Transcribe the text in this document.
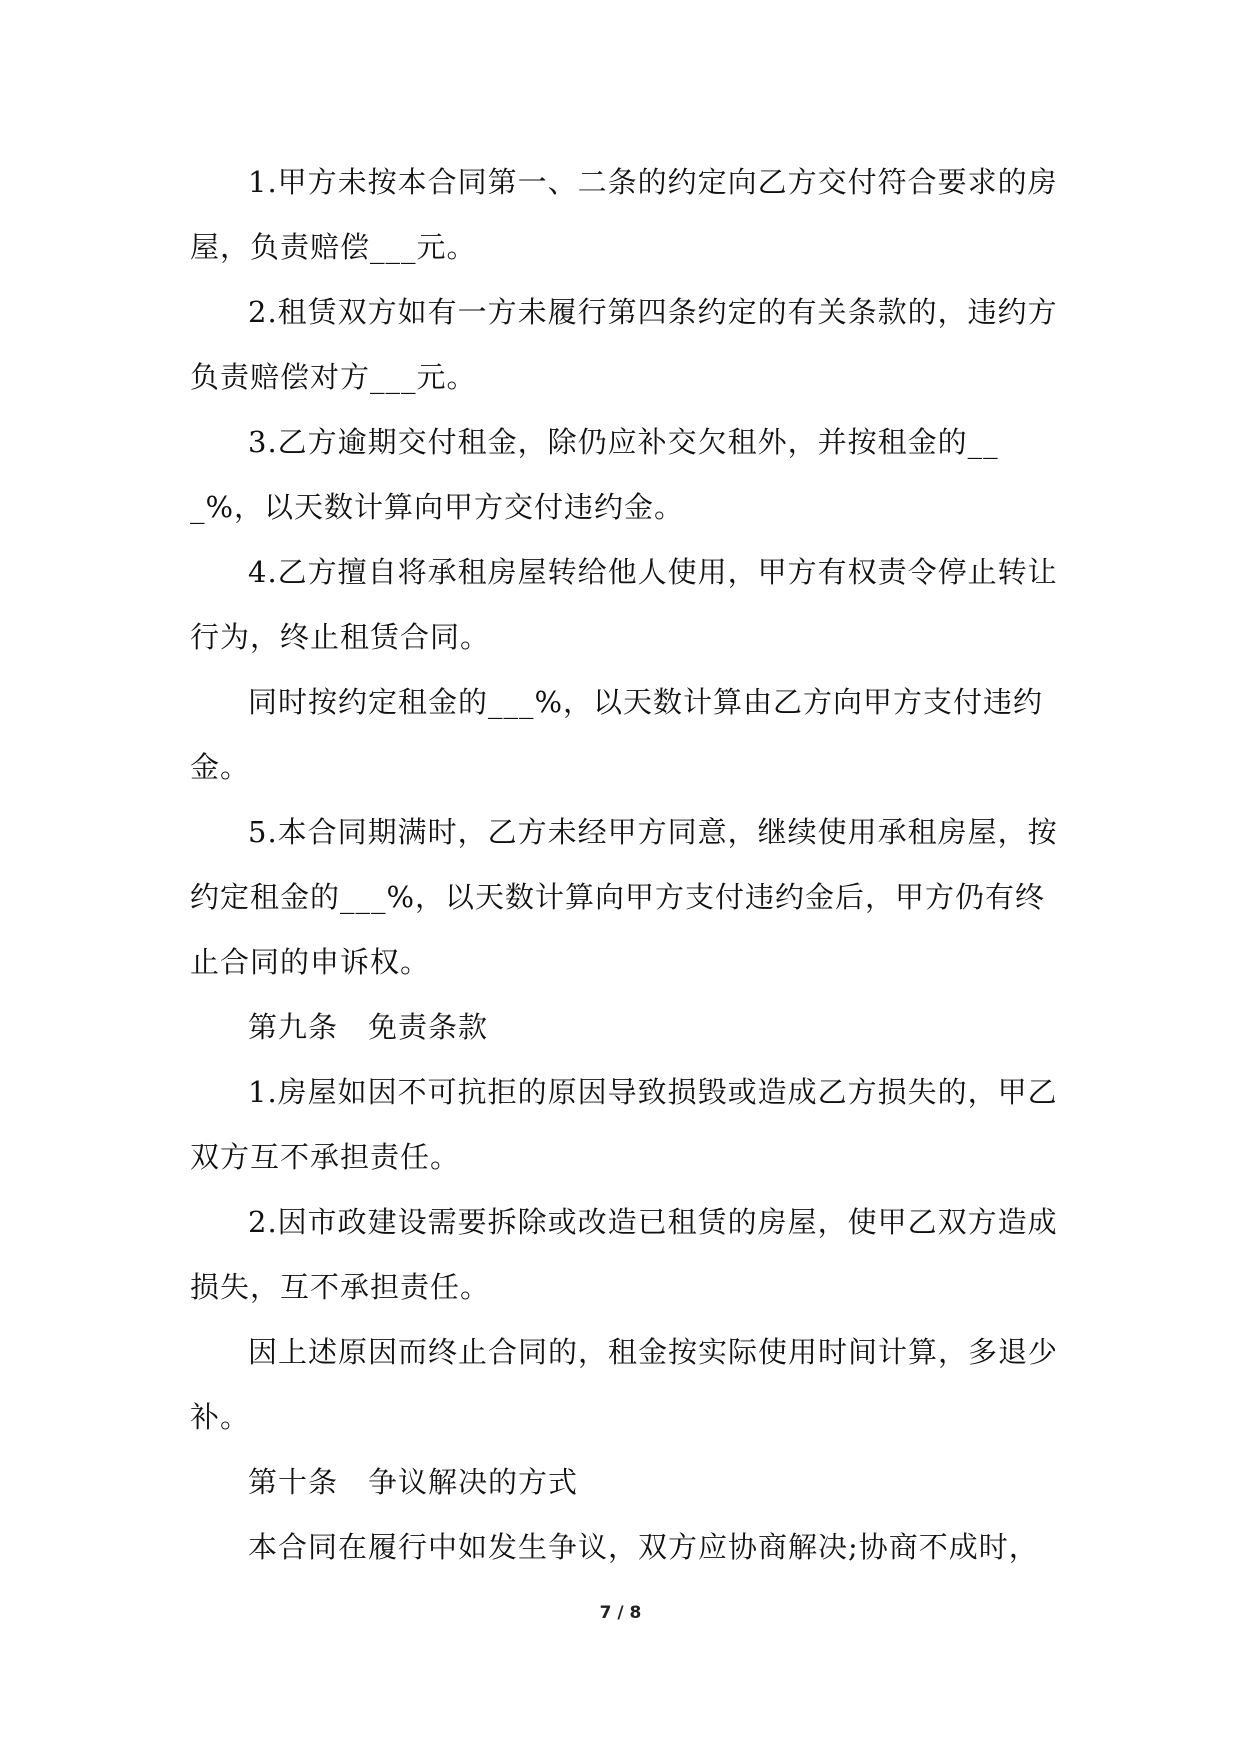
1.甲方未按本合同第一、二条的约定向乙方交付符合要求的房屋，负责赔偿___元。

2.租赁双方如有一方未履行第四条约定的有关条款的，违约方负责赔偿对方___元。

3.乙方逾期交付租金，除仍应补交欠租外，并按租金的___%，以天数计算向甲方交付违约金。

4.乙方擅自将承租房屋转给他人使用，甲方有权责令停止转让行为，终止租赁合同。

同时按约定租金的___%，以天数计算由乙方向甲方支付违约金。

5.本合同期满时，乙方未经甲方同意，继续使用承租房屋，按约定租金的___%，以天数计算向甲方支付违约金后，甲方仍有终止合同的申诉权。

第九条　免责条款

1.房屋如因不可抗拒的原因导致损毁或造成乙方损失的，甲乙双方互不承担责任。

2.因市政建设需要拆除或改造已租赁的房屋，使甲乙双方造成损失，互不承担责任。

因上述原因而终止合同的，租金按实际使用时间计算，多退少补。

第十条　争议解决的方式

本合同在履行中如发生争议，双方应协商解决;协商不成时，

7 / 8
